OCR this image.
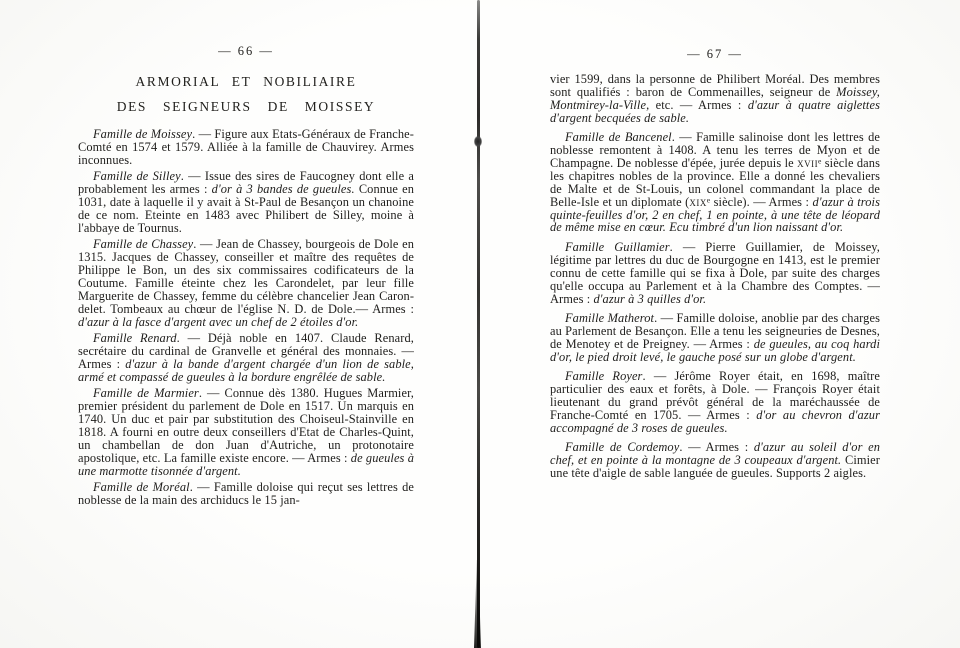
— 66 —
ARMORIAL ET NOBILIAIRE
DES SEIGNEURS DE MOISSEY

Famille de Moissey. — Figure aux Etats-Généraux de Franche-Comté en 1574 et 1579. Alliée à la famille de Chauvirey. Armes inconnues.

Famille de Silley. — Issue des sires de Faucogney dont elle a probablement les armes : d'or à 3 bandes de gueules. Connue en 1031, date à laquelle il y avait à St-Paul de Besançon un chanoine de ce nom. Eteinte en 1483 avec Philibert de Silley, moine à l'abbaye de Tournus.

Famille de Chassey. — Jean de Chassey, bourgeois de Dole en 1315. Jacques de Chassey, conseiller et maître des requêtes de Philippe le Bon, un des six commissaires codificateurs de la Coutume. Famille éteinte chez les Carondelet, par leur fille Marguerite de Chassey, femme du célèbre chancelier Jean Carondelet. Tombeaux au chœur de l'église N. D. de Dole.— Armes : d'azur à la fasce d'argent avec un chef de 2 étoiles d'or.

Famille Renard. — Déjà noble en 1407. Claude Renard, secrétaire du cardinal de Granvelle et général des monnaies. — Armes : d'azur à la bande d'argent chargée d'un lion de sable, armé et compassé de gueules à la bordure engrêlée de sable.

Famille de Marmier. — Connue dès 1380. Hugues Marmier, premier président du parlement de Dole en 1517. Un marquis en 1740. Un duc et pair par substitution des Choiseul-Stainville en 1818. A fourni en outre deux conseillers d'Etat de Charles-Quint, un chambellan de don Juan d'Autriche, un protonotaire apostolique, etc. La famille existe encore. — Armes : de gueules à une marmotte tisonnée d'argent.

Famille de Moréal. — Famille doloise qui reçut ses lettres de noblesse de la main des archiducs le 15 jan-

— 67 —

vier 1599, dans la personne de Philibert Moréal. Des membres sont qualifiés : baron de Commenailles, seigneur de Moissey, Montmirey-la-Ville, etc. — Armes : d'azur à quatre aiglettes d'argent becquées de sable.

Famille de Bancenel. — Famille salinoise dont les lettres de noblesse remontent à 1408. A tenu les terres de Myon et de Champagne. De noblesse d'épée, jurée depuis le xviiᵉ siècle dans les chapitres nobles de la province. Elle a donné les chevaliers de Malte et de St-Louis, un colonel commandant la place de Belle-Isle et un diplomate (xixᵉ siècle). — Armes : d'azur à trois quinte-feuilles d'or, 2 en chef, 1 en pointe, à une tête de léopard de même mise en cœur. Ecu timbré d'un lion naissant d'or.

Famille Guillamier. — Pierre Guillamier, de Moissey, légitime par lettres du duc de Bourgogne en 1413, est le premier connu de cette famille qui se fixa à Dole, par suite des charges qu'elle occupa au Parlement et à la Chambre des Comptes. — Armes : d'azur à 3 quilles d'or.

Famille Matherot. — Famille doloise, anoblie par des charges au Parlement de Besançon. Elle a tenu les seigneuries de Desnes, de Menotey et de Preigney. — Armes : de gueules, au coq hardi d'or, le pied droit levé, le gauche posé sur un globe d'argent.

Famille Royer. — Jérôme Royer était, en 1698, maître particulier des eaux et forêts, à Dole. — François Royer était lieutenant du grand prévôt général de la maréchaussée de Franche-Comté en 1705. — Armes : d'or au chevron d'azur accompagné de 3 roses de gueules.

Famille de Cordemoy. — Armes : d'azur au soleil d'or en chef, et en pointe à la montagne de 3 coupeaux d'argent. Cimier une tête d'aigle de sable languée de gueules. Supports 2 aigles.
